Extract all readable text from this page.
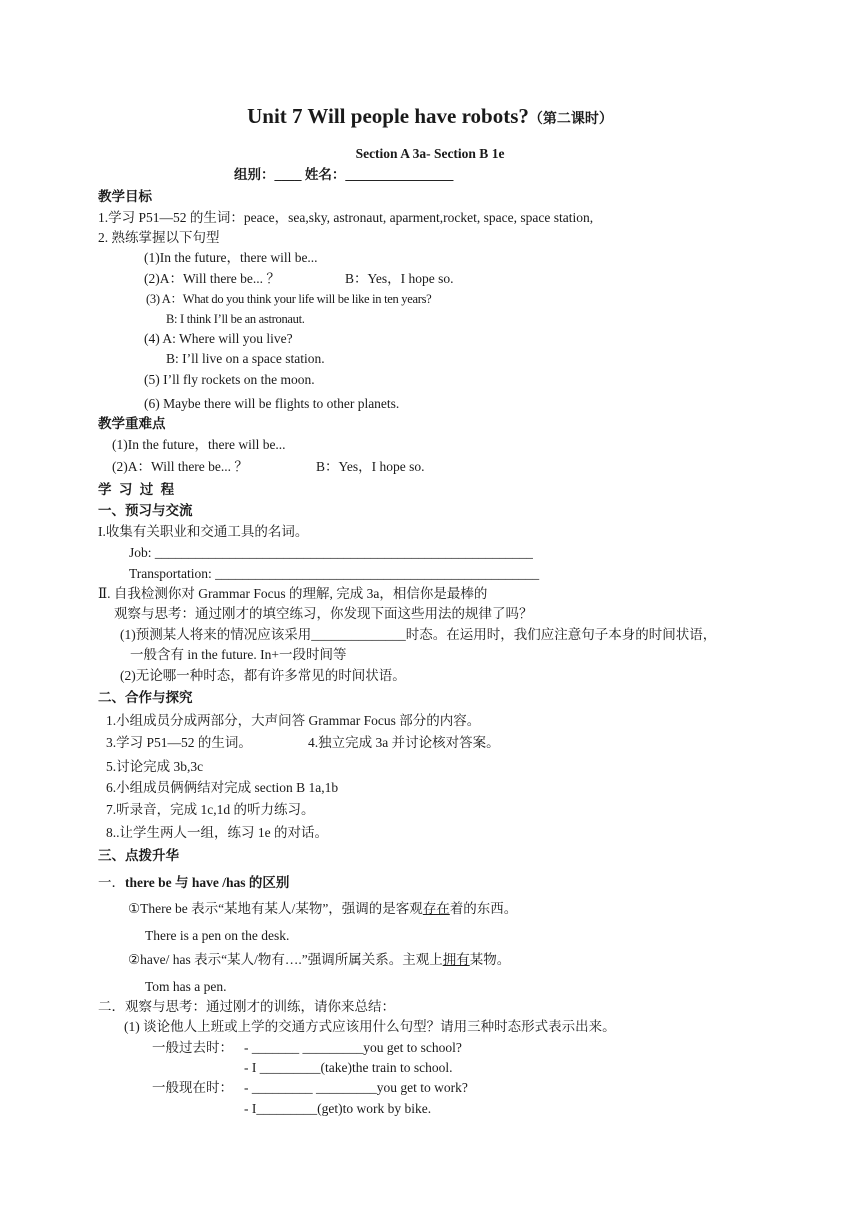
Unit 7 Will people have robots?（第二课时）
Section A 3a- Section B 1e
组别：____ 姓名：________________
教学目标
1.学习 P51—52 的生词：peace，sea,sky, astronaut, aparment,rocket, space, space station,
2. 熟练掌握以下句型
(1)In the future，there will be...
(2)A：Will there be... ？	B：Yes，I hope so.
(3) A：What do you think your life will be like in ten years?
B: I think I’ll be an astronaut.
(4) A: Where will you live?
B: I’ll live on a space station.
(5) I’ll fly rockets on the moon.
(6) Maybe there will be flights to other planets.
教学重难点
(1)In the future，there will be...
(2)A：Will there be... ？	B：Yes，I hope so.
学 习 过 程
一、预习与交流
I.收集有关职业和交通工具的名词。
Job: ________________________________________________________
Transportation: ________________________________________________
Ⅱ. 自我检测你对 Grammar Focus 的理解, 完成 3a，相信你是最棒的
观察与思考：通过刚才的填空练习，你发现下面这些用法的规律了吗？
(1)预测某人将来的情况应该采用______________时态。在运用时，我们应注意句子本身的时间状语，
一般含有 in the future. In+一段时间等
(2)无论哪一种时态，都有许多常见的时间状语。
二、合作与探究
1.小组成员分成两部分，大声问答 Grammar Focus 部分的内容。
3.学习 P51—52 的生词。	4.独立完成 3a 并讨论核对答案。
5.讨论完成 3b,3c
6.小组成员俩俩结对完成 section B 1a,1b
7.听录音，完成 1c,1d 的听力练习。
8..让学生两人一组，练习 1e 的对话。
三、点拨升华
一．there be 与 have /has 的区别
①There be 表示“某地有某人/某物”，强调的是客观存在着的东西。
There is a pen on the desk.
②have/ has 表示“某人/物有….”强调所属关系。主观上拥有某物。
Tom has a pen.
二．观察与思考：通过刚才的训练，请你来总结：
(1) 谈论他人上班或上学的交通方式应该用什么句型？请用三种时态形式表示出来。
一般过去时： - _______ _________you get to school?
- I _________(take)the train to school.
一般现在时： - _________ _________you get to work?
- I_________(get)to work by bike.
